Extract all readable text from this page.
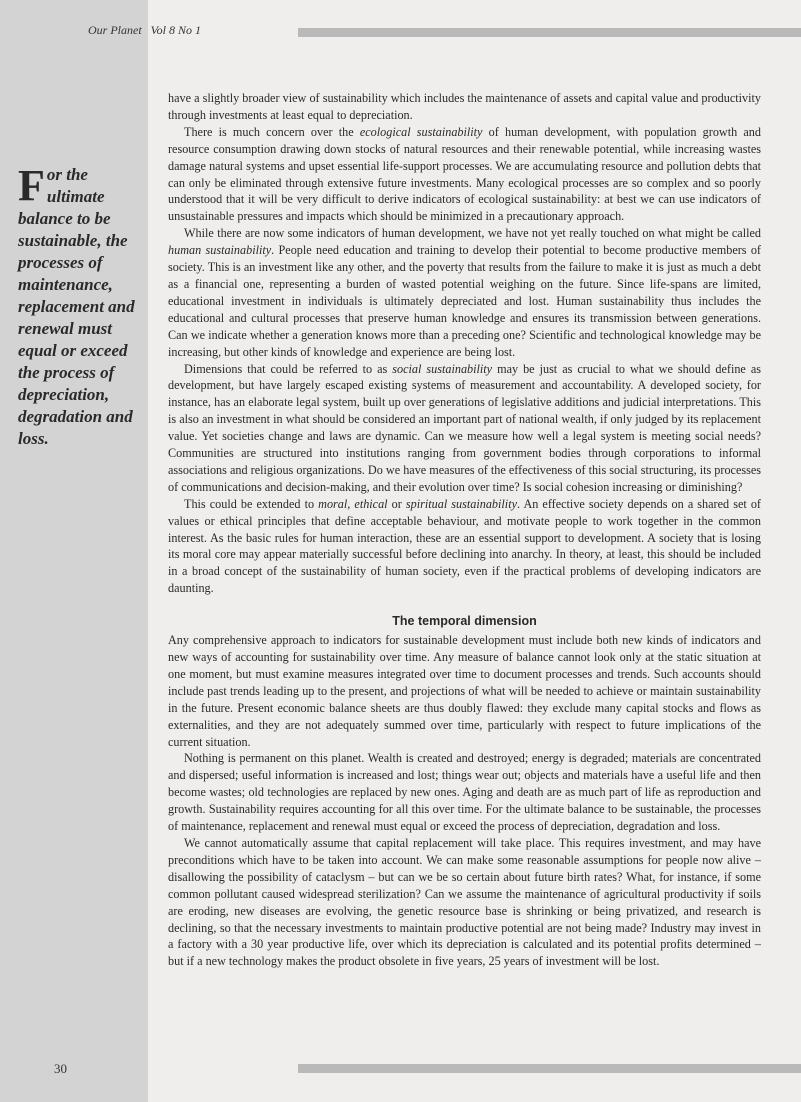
Our Planet Vol 8 No 1
For the ultimate balance to be sustainable, the processes of maintenance, replacement and renewal must equal or exceed the process of depreciation, degradation and loss.

have a slightly broader view of sustainability which includes the maintenance of assets and capital value and productivity through investments at least equal to depreciation.

There is much concern over the ecological sustainability of human development, with population growth and resource consumption drawing down stocks of natural resources and their renewable potential, while increasing wastes damage natural systems and upset essential life-support processes. We are accumulating resource and pollution debts that can only be eliminated through extensive future investments. Many ecological processes are so complex and so poorly understood that it will be very difficult to derive indicators of ecological sustainability: at best we can use indicators of unsustainable pressures and impacts which should be minimized in a precautionary approach.

While there are now some indicators of human development, we have not yet really touched on what might be called human sustainability. People need education and training to develop their potential to become productive members of society. This is an investment like any other, and the poverty that results from the failure to make it is just as much a debt as a financial one, representing a burden of wasted potential weighing on the future. Since life-spans are limited, educational investment in individuals is ultimately depreciated and lost. Human sustainability thus includes the educational and cultural processes that preserve human knowledge and ensures its transmission between generations. Can we indicate whether a generation knows more than a preceding one? Scientific and technological knowledge may be increasing, but other kinds of knowledge and experience are being lost.

Dimensions that could be referred to as social sustainability may be just as crucial to what we should define as development, but have largely escaped existing systems of measurement and accountability. A developed society, for instance, has an elaborate legal system, built up over generations of legislative additions and judicial interpretations. This is also an investment in what should be considered an important part of national wealth, if only judged by its replacement value. Yet societies change and laws are dynamic. Can we measure how well a legal system is meeting social needs? Communities are structured into institutions ranging from government bodies through corporations to informal associations and religious organizations. Do we have measures of the effectiveness of this social structuring, its processes of communications and decision-making, and their evolution over time? Is social cohesion increasing or diminishing?

This could be extended to moral, ethical or spiritual sustainability. An effective society depends on a shared set of values or ethical principles that define acceptable behaviour, and motivate people to work together in the common interest. As the basic rules for human interaction, these are an essential support to development. A society that is losing its moral core may appear materially successful before declining into anarchy. In theory, at least, this should be included in a broad concept of the sustainability of human society, even if the practical problems of developing indicators are daunting.

The temporal dimension

Any comprehensive approach to indicators for sustainable development must include both new kinds of indicators and new ways of accounting for sustainability over time. Any measure of balance cannot look only at the static situation at one moment, but must examine measures integrated over time to document processes and trends. Such accounts should include past trends leading up to the present, and projections of what will be needed to achieve or maintain sustainability in the future. Present economic balance sheets are thus doubly flawed: they exclude many capital stocks and flows as externalities, and they are not adequately summed over time, particularly with respect to future implications of the current situation.

Nothing is permanent on this planet. Wealth is created and destroyed; energy is degraded; materials are concentrated and dispersed; useful information is increased and lost; things wear out; objects and materials have a useful life and then become wastes; old technologies are replaced by new ones. Aging and death are as much part of life as reproduction and growth. Sustainability requires accounting for all this over time. For the ultimate balance to be sustainable, the processes of maintenance, replacement and renewal must equal or exceed the process of depreciation, degradation and loss.

We cannot automatically assume that capital replacement will take place. This requires investment, and may have preconditions which have to be taken into account. We can make some reasonable assumptions for people now alive – disallowing the possibility of cataclysm – but can we be so certain about future birth rates? What, for instance, if some common pollutant caused widespread sterilization? Can we assume the maintenance of agricultural productivity if soils are eroding, new diseases are evolving, the genetic resource base is shrinking or being privatized, and research is declining, so that the necessary investments to maintain productive potential are not being made? Industry may invest in a factory with a 30 year productive life, over which its depreciation is calculated and its potential profits determined – but if a new technology makes the product obsolete in five years, 25 years of investment will be lost.

30
